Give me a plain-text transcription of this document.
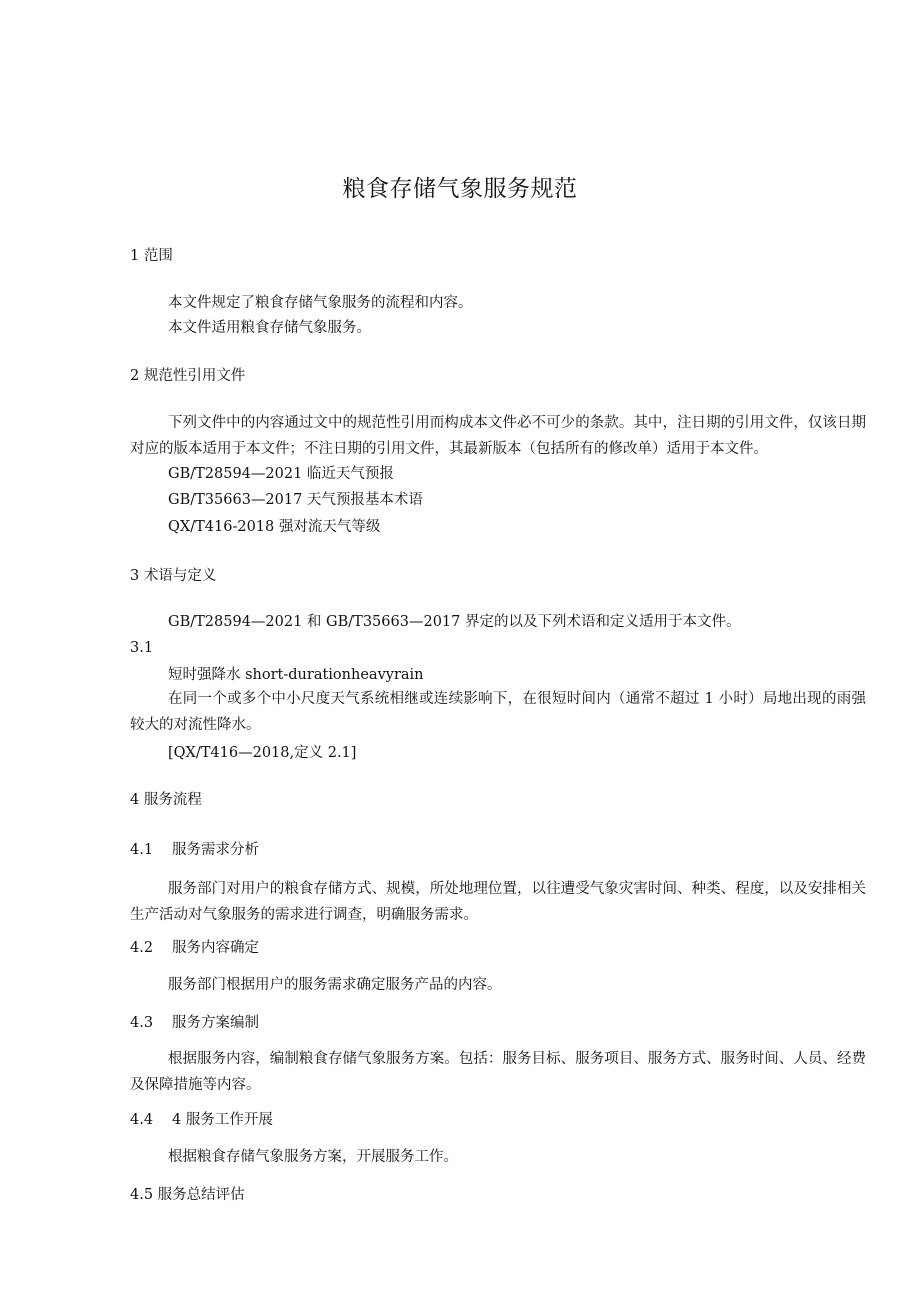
粮食存储气象服务规范
1 范围
本文件规定了粮食存储气象服务的流程和内容。
本文件适用粮食存储气象服务。
2 规范性引用文件
下列文件中的内容通过文中的规范性引用而构成本文件必不可少的条款。其中，注日期的引用文件，仅该日期对应的版本适用于本文件；不注日期的引用文件，其最新版本（包括所有的修改单）适用于本文件。
GB/T28594—2021 临近天气预报
GB/T35663—2017 天气预报基本术语
QX/T416-2018 强对流天气等级
3 术语与定义
GB/T28594—2021 和 GB/T35663—2017 界定的以及下列术语和定义适用于本文件。
3.1
短时强降水 short-durationheavyrain
在同一个或多个中小尺度天气系统相继或连续影响下，在很短时间内（通常不超过 1 小时）局地出现的雨强较大的对流性降水。
[QX/T416—2018,定义 2.1]
4 服务流程
4.1 服务需求分析
服务部门对用户的粮食存储方式、规模，所处地理位置，以往遭受气象灾害时间、种类、程度，以及安排相关生产活动对气象服务的需求进行调查，明确服务需求。
4.2 服务内容确定
服务部门根据用户的服务需求确定服务产品的内容。
4.3 服务方案编制
根据服务内容，编制粮食存储气象服务方案。包括：服务目标、服务项目、服务方式、服务时间、人员、经费及保障措施等内容。
4.4 4 服务工作开展
根据粮食存储气象服务方案，开展服务工作。
4.5 服务总结评估
